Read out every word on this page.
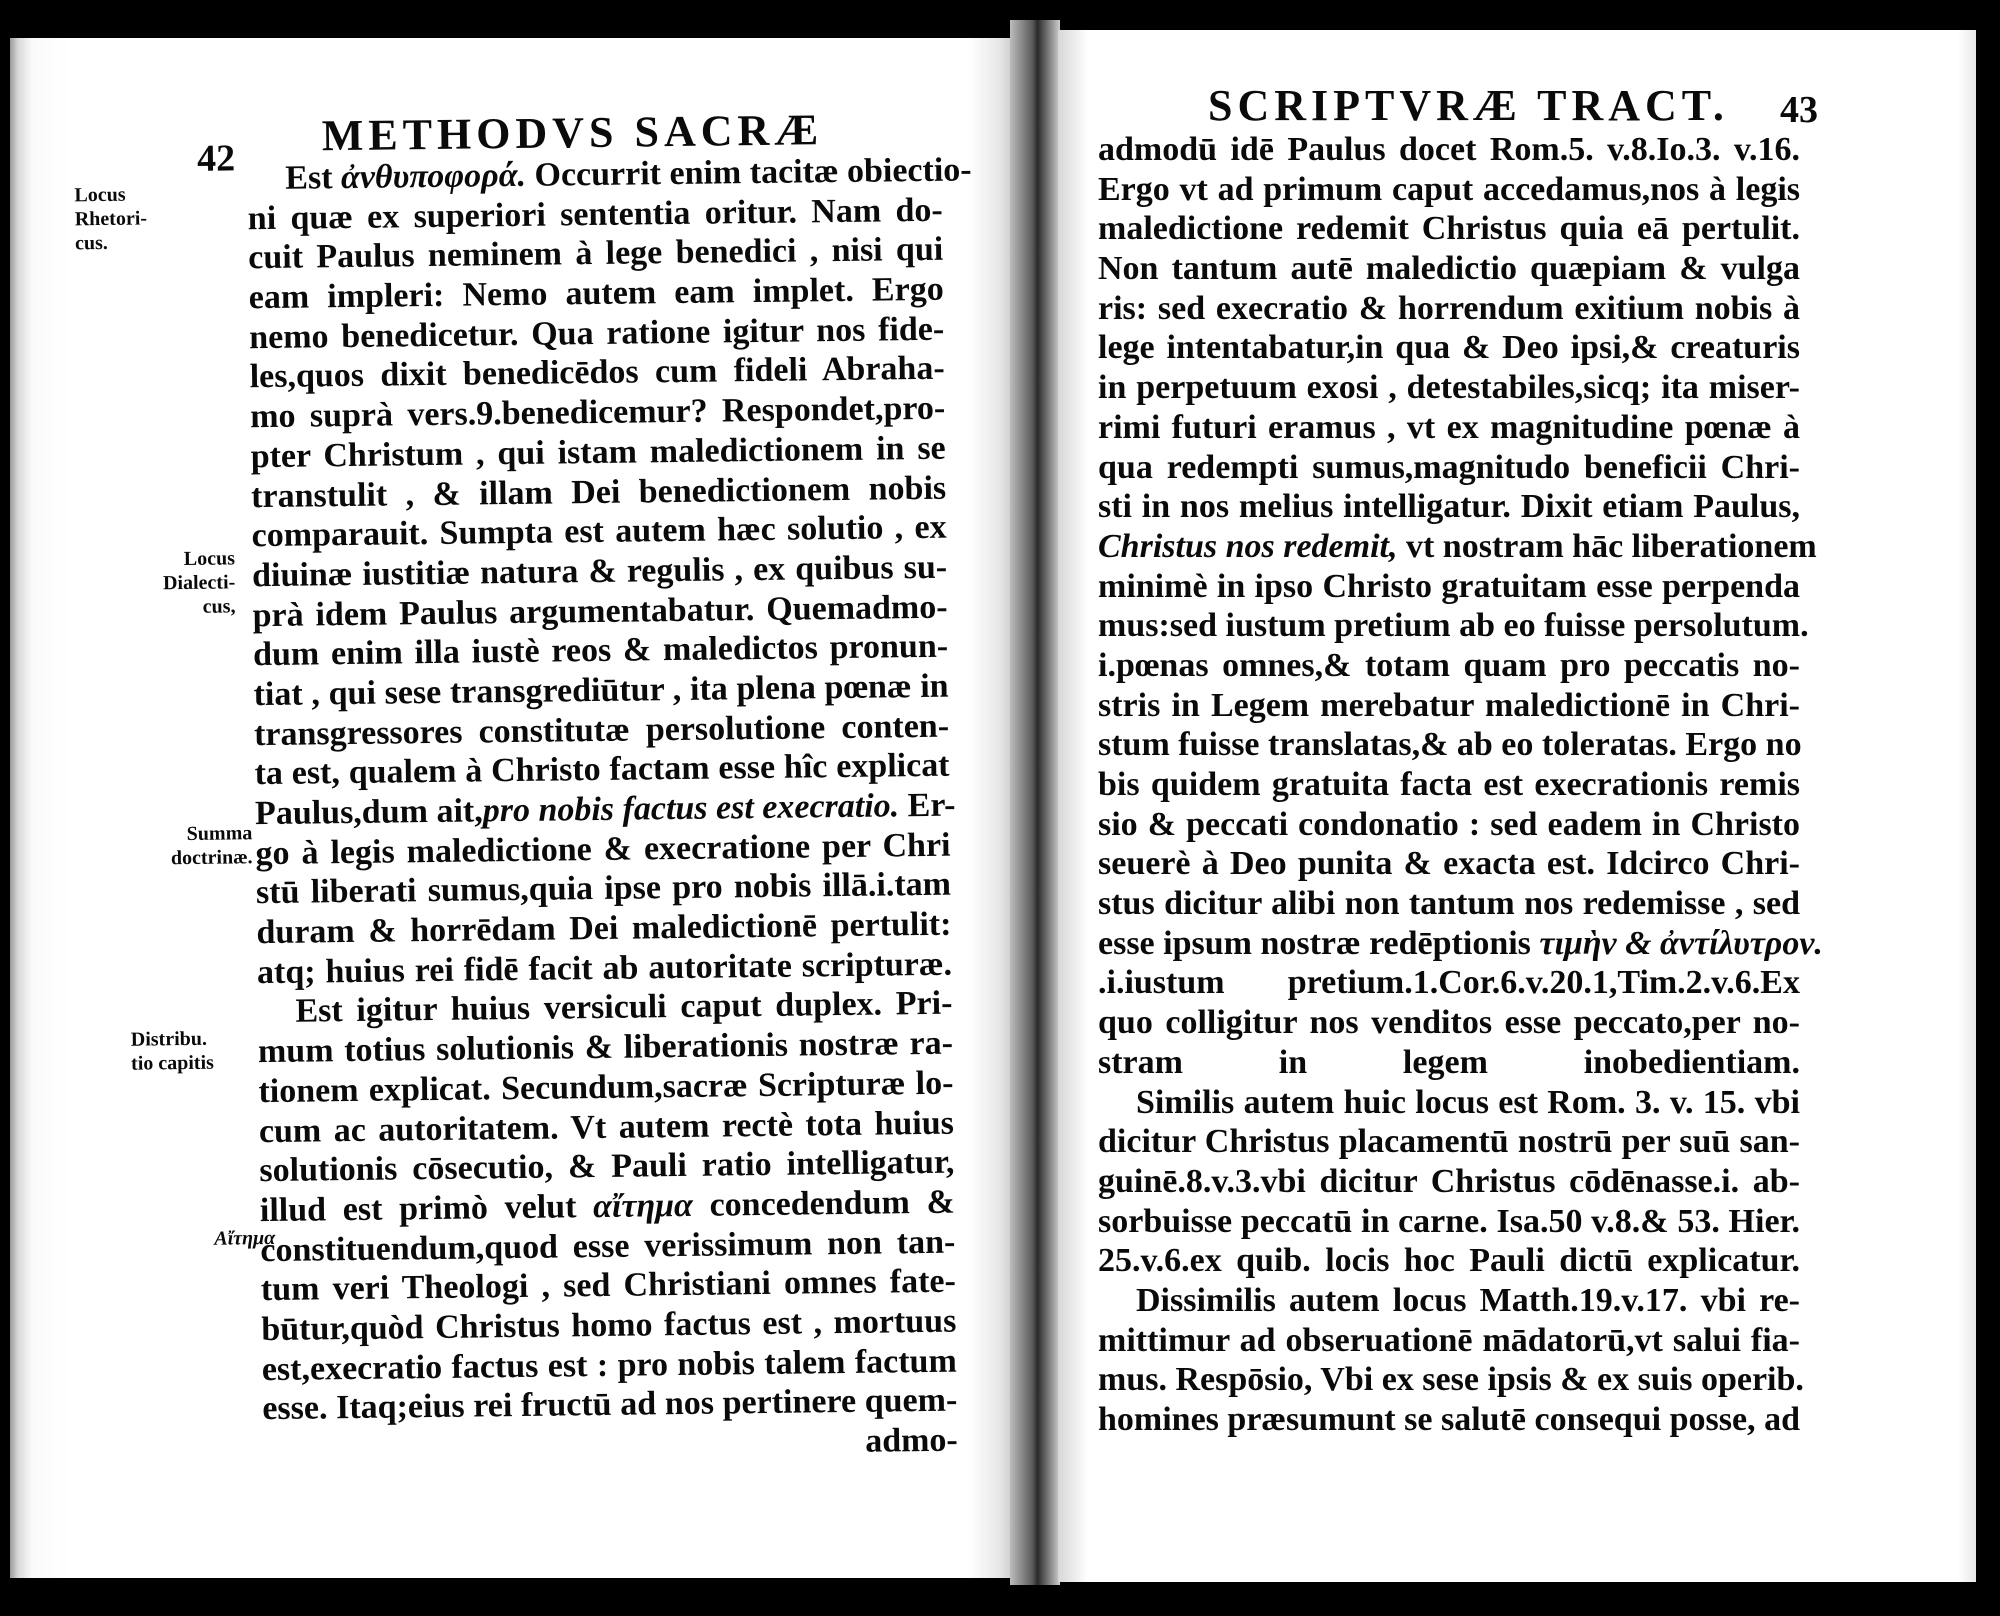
42 METHODVS SACRÆ
Est ἀνθυποφορά. Occurrit enim tacitæ obiectio-
ni quæ ex superiori sententia oritur. Nam do-
cuit Paulus neminem à lege benedici , nisi qui
eam impleri: Nemo autem eam implet. Ergo
nemo benedicetur. Qua ratione igitur nos fide-
les,quos dixit benedicēdos cum fideli Abraha-
mo suprà vers.9.benedicemur? Respondet,pro-
pter Christum , qui istam maledictionem in se
transtulit , & illam Dei benedictionem nobis
comparauit. Sumpta est autem hæc solutio , ex
diuinæ iustitiæ natura & regulis , ex quibus su-
prà idem Paulus argumentabatur. Quemadmo-
dum enim illa iustè reos & maledictos pronun-
tiat , qui sese transgrediūtur , ita plena pœnæ in
transgressores constitutæ persolutione conten-
ta est, qualem à Christo factam esse hîc explicat
Paulus,dum ait,pro nobis factus est execratio. Er-
go à legis maledictione & execratione per Chri
stū liberati sumus,quia ipse pro nobis illā.i.tam
duram & horrēdam Dei maledictionē pertulit:
atq; huius rei fidē facit ab autoritate scripturæ.
Est igitur huius versiculi caput duplex. Pri-
mum totius solutionis & liberationis nostræ ra-
tionem explicat. Secundum,sacræ Scripturæ lo-
cum ac autoritatem. Vt autem rectè tota huius
solutionis cōsecutio, & Pauli ratio intelligatur,
illud est primò velut αἴτημα concedendum &
constituendum,quod esse verissimum non tan-
tum veri Theologi , sed Christiani omnes fate-
būtur,quòd Christus homo factus est , mortuus
est,execratio factus est : pro nobis talem factum
esse. Itaq;eius rei fructū ad nos pertinere quem-
admo-
Locus
Rhetori-
cus.
Locus
Dialecti-
cus,
Summa
doctrinæ.
Distribu.
tio capitis
Αἴτημα
SCRIPTVRÆ TRACT. 43
admodū idē Paulus docet Rom.5. v.8.Io.3. v.16.
Ergo vt ad primum caput accedamus,nos à legis
maledictione redemit Christus quia eā pertulit.
Non tantum autē maledictio quæpiam & vulga
ris: sed execratio & horrendum exitium nobis à
lege intentabatur,in qua & Deo ipsi,& creaturis
in perpetuum exosi , detestabiles,sicq; ita miser-
rimi futuri eramus , vt ex magnitudine pœnæ à
qua redempti sumus,magnitudo beneficii Chri-
sti in nos melius intelligatur. Dixit etiam Paulus,
Christus nos redemit, vt nostram hāc liberationem
minimè in ipso Christo gratuitam esse perpenda
mus:sed iustum pretium ab eo fuisse persolutum.
i.pœnas omnes,& totam quam pro peccatis no-
stris in Legem merebatur maledictionē in Chri-
stum fuisse translatas,& ab eo toleratas. Ergo no
bis quidem gratuita facta est execrationis remis
sio & peccati condonatio : sed eadem in Christo
seuerè à Deo punita & exacta est. Idcirco Chri-
stus dicitur alibi non tantum nos redemisse , sed
esse ipsum nostræ redēptionis τιμὴν & ἀντίλυτρον.
.i.iustum pretium.1.Cor.6.v.20.1,Tim.2.v.6.Ex
quo colligitur nos venditos esse peccato,per no-
stram in legem inobedientiam.
Similis autem huic locus est Rom. 3. v. 15. vbi
dicitur Christus placamentū nostrū per suū san-
guinē.8.v.3.vbi dicitur Christus cōdēnasse.i. ab-
sorbuisse peccatū in carne. Isa.50 v.8.& 53. Hier.
25.v.6.ex quib. locis hoc Pauli dictū explicatur.
Dissimilis autem locus Matth.19.v.17. vbi re-
mittimur ad obseruationē mādatorū,vt salui fia-
mus. Respōsio, Vbi ex sese ipsis & ex suis operib.
homines præsumunt se salutē consequi posse, ad
